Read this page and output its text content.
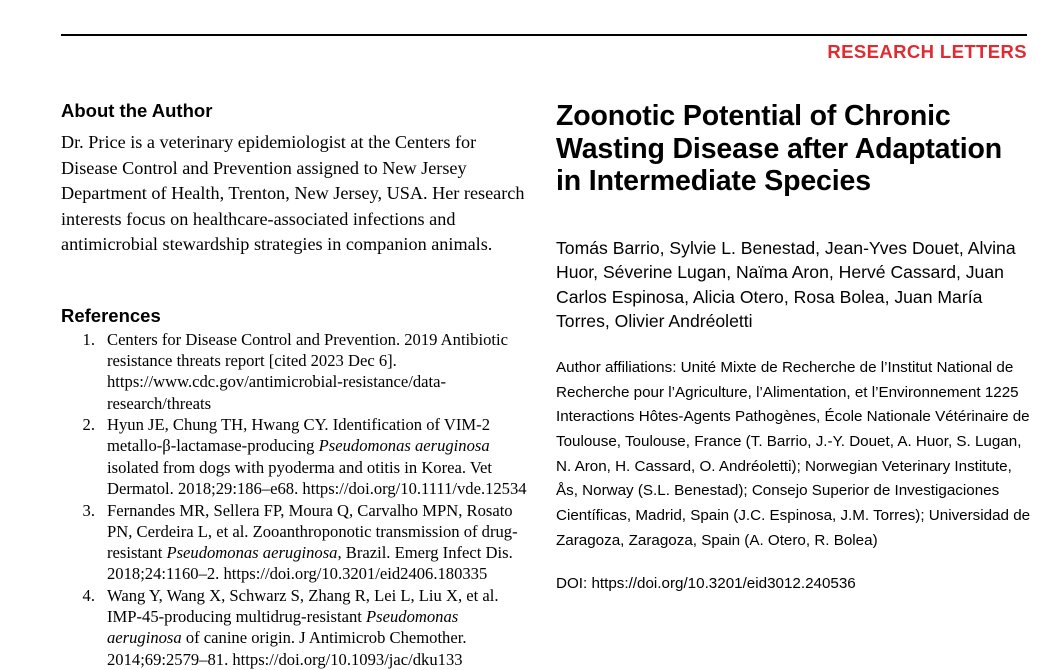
RESEARCH LETTERS
About the Author

Dr. Price is a veterinary epidemiologist at the Centers for Disease Control and Prevention assigned to New Jersey Department of Health, Trenton, New Jersey, USA. Her research interests focus on healthcare-associated infections and antimicrobial stewardship strategies in companion animals.

References
Centers for Disease Control and Prevention. 2019 Antibiotic resistance threats report [cited 2023 Dec 6]. https://www.cdc.gov/antimicrobial-resistance/data-research/threats
Hyun JE, Chung TH, Hwang CY. Identification of VIM-2 metallo-β-lactamase-producing Pseudomonas aeruginosa isolated from dogs with pyoderma and otitis in Korea. Vet Dermatol. 2018;29:186–e68. https://doi.org/10.1111/vde.12534
Fernandes MR, Sellera FP, Moura Q, Carvalho MPN, Rosato PN, Cerdeira L, et al. Zooanthroponotic transmission of drug-resistant Pseudomonas aeruginosa, Brazil. Emerg Infect Dis. 2018;24:1160–2. https://doi.org/10.3201/eid2406.180335
Wang Y, Wang X, Schwarz S, Zhang R, Lei L, Liu X, et al. IMP-45-producing multidrug-resistant Pseudomonas aeruginosa of canine origin. J Antimicrob Chemother. 2014;69:2579–81. https://doi.org/10.1093/jac/dku133
Zoonotic Potential of Chronic Wasting Disease after Adaptation in Intermediate Species

Tomás Barrio, Sylvie L. Benestad, Jean-Yves Douet, Alvina Huor, Séverine Lugan, Naïma Aron, Hervé Cassard, Juan Carlos Espinosa, Alicia Otero, Rosa Bolea, Juan María Torres, Olivier Andréoletti

Author affiliations: Unité Mixte de Recherche de l’Institut National de Recherche pour l’Agriculture, l’Alimentation, et l’Environnement 1225 Interactions Hôtes-Agents Pathogènes, École Nationale Vétérinaire de Toulouse, Toulouse, France (T. Barrio, J.-Y. Douet, A. Huor, S. Lugan, N. Aron, H. Cassard, O. Andréoletti); Norwegian Veterinary Institute, Ås, Norway (S.L. Benestad); Consejo Superior de Investigaciones Científicas, Madrid, Spain (J.C. Espinosa, J.M. Torres); Universidad de Zaragoza, Zaragoza, Spain (A. Otero, R. Bolea)

DOI: https://doi.org/10.3201/eid3012.240536
